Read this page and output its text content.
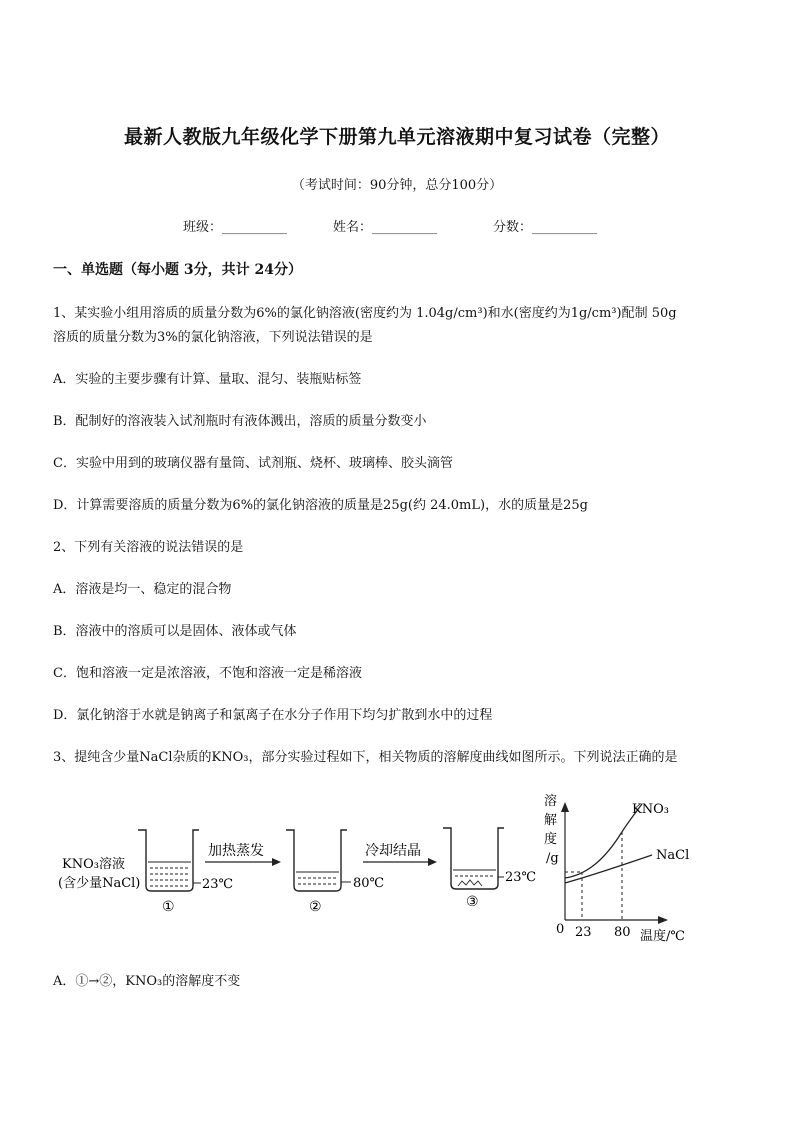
最新人教版九年级化学下册第九单元溶液期中复习试卷（完整）
（考试时间：90分钟，总分100分）
班级：__________	姓名：__________	分数：__________
一、单选题（每小题 3分，共计 24分）
1、某实验小组用溶质的质量分数为6%的氯化钠溶液(密度约为 1.04g/cm³)和水(密度约为1g/cm³)配制 50g
溶质的质量分数为3%的氯化钠溶液，下列说法错误的是
A．实验的主要步骤有计算、量取、混匀、装瓶贴标签
B．配制好的溶液装入试剂瓶时有液体溅出，溶质的质量分数变小
C．实验中用到的玻璃仪器有量筒、试剂瓶、烧杯、玻璃棒、胶头滴管
D．计算需要溶质的质量分数为6%的氯化钠溶液的质量是25g(约 24.0mL)，水的质量是25g
2、下列有关溶液的说法错误的是
A．溶液是均一、稳定的混合物
B．溶液中的溶质可以是固体、液体或气体
C．饱和溶液一定是浓溶液，不饱和溶液一定是稀溶液
D．氯化钠溶于水就是钠离子和氯离子在水分子作用下均匀扩散到水中的过程
3、提纯含少量NaCl杂质的KNO₃，部分实验过程如下，相关物质的溶解度曲线如图所示。下列说法正确的是
KNO₃溶液
(含少量NaCl)	23℃
①
加热蒸发
80℃
②
冷却结晶
23℃
③
溶
解
度
/g
KNO₃
NaCl
0 23 80 温度/℃
A．①→②，KNO₃的溶解度不变
